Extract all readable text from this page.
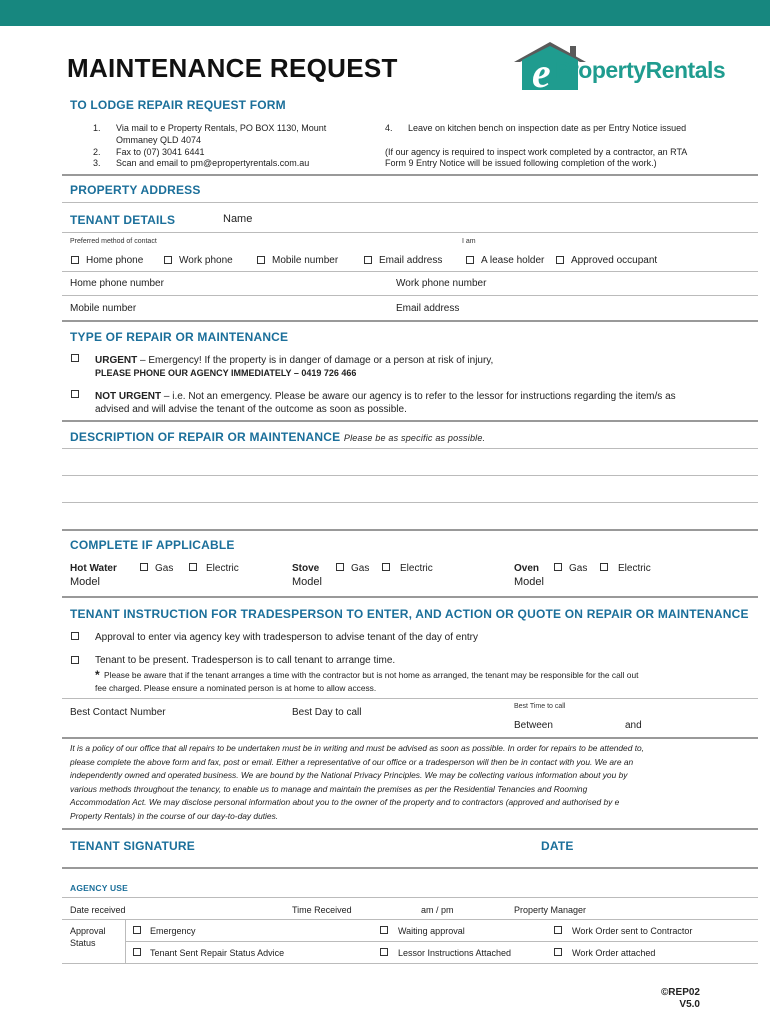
MAINTENANCE REQUEST	e PropertyRentals
TO LODGE REPAIR REQUEST FORM
1. Via mail to e Property Rentals, PO BOX 1130, Mount
Ommaney QLD 4074
2. Fax to (07) 3041 6441
3. Scan and email to pm@epropertyrentals.com.au
4. Leave on kitchen bench on inspection date as per Entry Notice issued
(If our agency is required to inspect work completed by a contractor, an RTA
Form 9 Entry Notice will be issued following completion of the work.)
PROPERTY ADDRESS
TENANT DETAILS	Name
Preferred method of contact	I am
Home phone	Work phone	Mobile number	Email address	A lease holder	Approved occupant
Home phone number	Work phone number
Mobile number	Email address
TYPE OF REPAIR OR MAINTENANCE
URGENT – Emergency! If the property is in danger of damage or a person at risk of injury,
PLEASE PHONE OUR AGENCY IMMEDIATELY – 0419 726 466
NOT URGENT – i.e. Not an emergency. Please be aware our agency is to refer to the lessor for instructions regarding the item/s as
advised and will advise the tenant of the outcome as soon as possible.
DESCRIPTION OF REPAIR OR MAINTENANCE Please be as specific as possible.
COMPLETE IF APPLICABLE
Hot Water	Gas	Electric
Model
Stove	Gas	Electric
Model
Oven	Gas	Electric
Model
TENANT INSTRUCTION FOR TRADESPERSON TO ENTER, AND ACTION OR QUOTE ON REPAIR OR MAINTENANCE
Approval to enter via agency key with tradesperson to advise tenant of the day of entry
Tenant to be present. Tradesperson is to call tenant to arrange time.
* Please be aware that if the tenant arranges a time with the contractor but is not home as arranged, the tenant may be responsible for the call out
fee charged. Please ensure a nominated person is at home to allow access.
Best Contact Number	Best Day to call
Best Time to call
Between	and
It is a policy of our office that all repairs to be undertaken must be in writing and must be advised as soon as possible. In order for repairs to be attended to,
please complete the above form and fax, post or email. Either a representative of our office or a tradesperson will then be in contact with you. We are an
independently owned and operated business. We are bound by the National Privacy Principles. We may be collecting various information about you by
various methods throughout the tenancy, to enable us to manage and maintain the premises as per the Residential Tenancies and Rooming
Accommodation Act. We may disclose personal information about you to the owner of the property and to contractors (approved and authorised by e
Property Rentals) in the course of our day-to-day duties.
TENANT SIGNATURE	DATE
AGENCY USE
Date received	Time Received	am / pm	Property Manager
Approval
Status
Emergency	Waiting approval	Work Order sent to Contractor
Tenant Sent Repair Status Advice	Lessor Instructions Attached	Work Order attached
©REP02
V5.0
